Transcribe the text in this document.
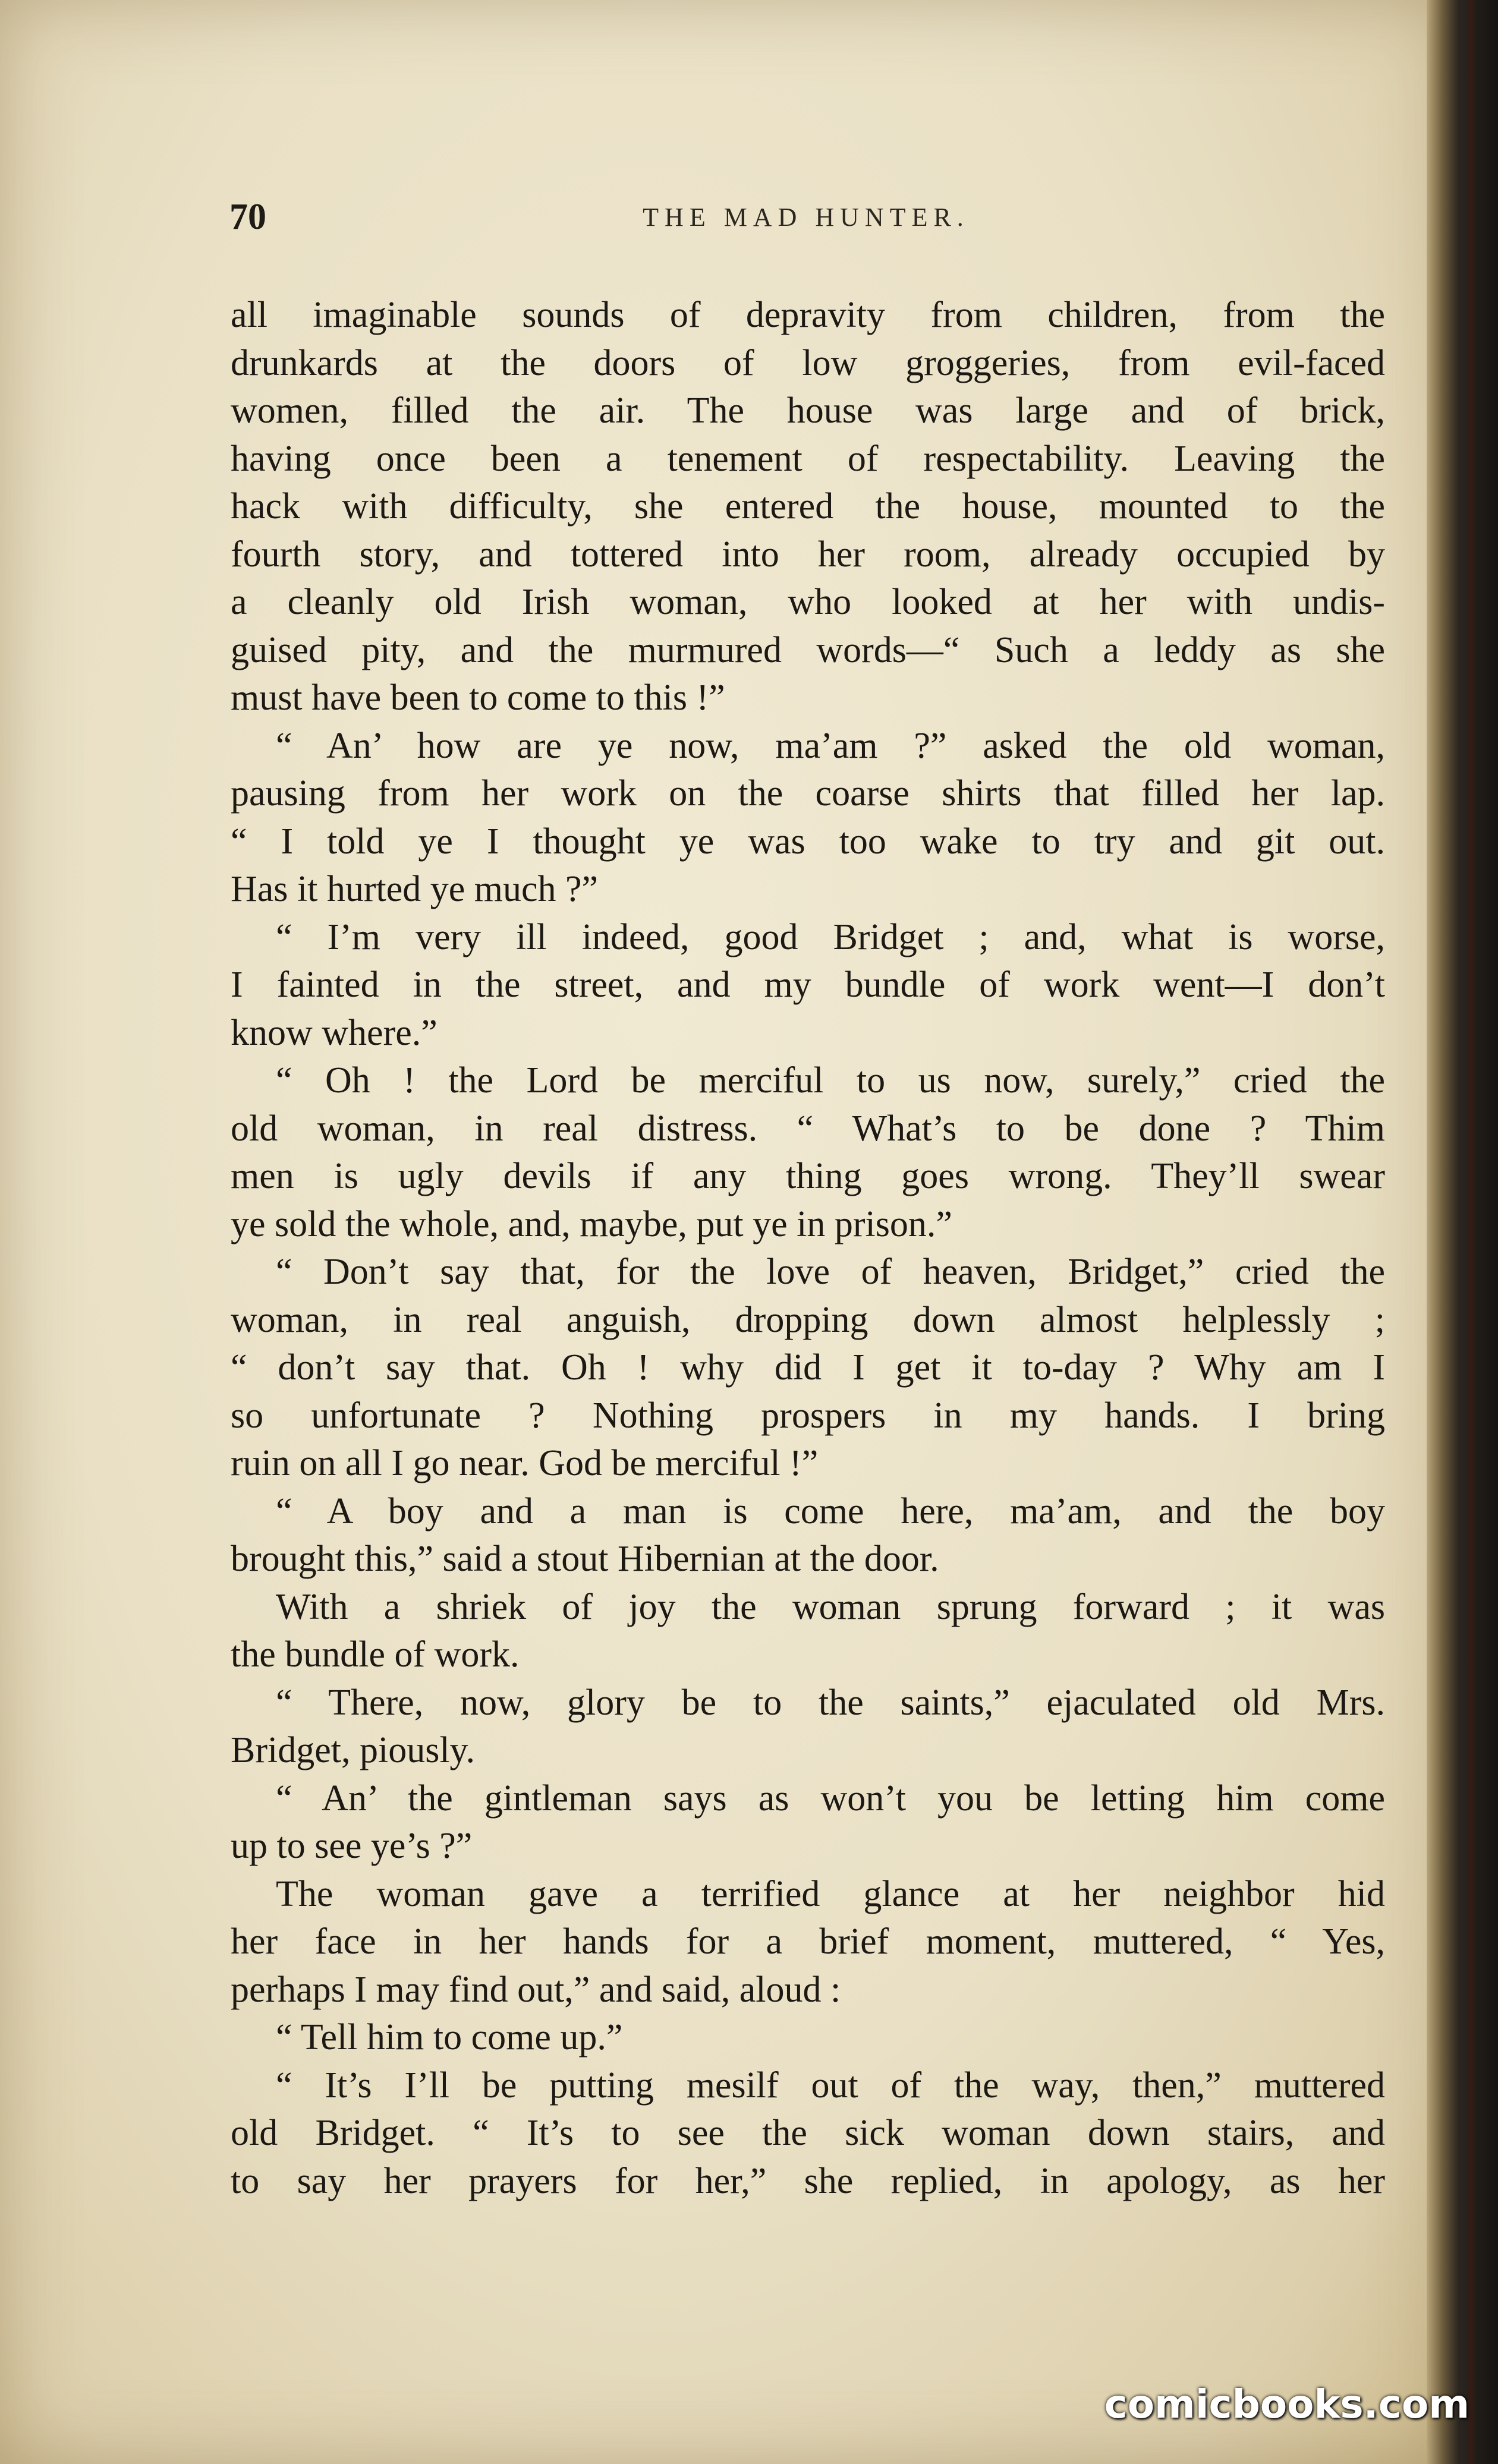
70	THE MAD HUNTER.
all imaginable sounds of depravity from children, from the
drunkards at the doors of low groggeries, from evil-faced
women, filled the air. The house was large and of brick,
having once been a tenement of respectability. Leaving the
hack with difficulty, she entered the house, mounted to the
fourth story, and tottered into her room, already occupied by
a cleanly old Irish woman, who looked at her with undis-
guised pity, and the murmured words—“ Such a leddy as she
must have been to come to this !”
“ An’ how are ye now, ma’am ?” asked the old woman,
pausing from her work on the coarse shirts that filled her lap.
“ I told ye I thought ye was too wake to try and git out.
Has it hurted ye much ?”
“ I’m very ill indeed, good Bridget ; and, what is worse,
I fainted in the street, and my bundle of work went—I don’t
know where.”
“ Oh ! the Lord be merciful to us now, surely,” cried the
old woman, in real distress. “ What’s to be done ? Thim
men is ugly devils if any thing goes wrong. They’ll swear
ye sold the whole, and, maybe, put ye in prison.”
“ Don’t say that, for the love of heaven, Bridget,” cried the
woman, in real anguish, dropping down almost helplessly ;
“ don’t say that. Oh ! why did I get it to-day ? Why am I
so unfortunate ? Nothing prospers in my hands. I bring
ruin on all I go near. God be merciful !”
“ A boy and a man is come here, ma’am, and the boy
brought this,” said a stout Hibernian at the door.
With a shriek of joy the woman sprung forward ; it was
the bundle of work.
“ There, now, glory be to the saints,” ejaculated old Mrs.
Bridget, piously.
“ An’ the gintleman says as won’t you be letting him come
up to see ye’s ?”
The woman gave a terrified glance at her neighbor hid
her face in her hands for a brief moment, muttered, “ Yes,
perhaps I may find out,” and said, aloud :
“ Tell him to come up.”
“ It’s I’ll be putting mesilf out of the way, then,” muttered
old Bridget. “ It’s to see the sick woman down stairs, and
to say her prayers for her,” she replied, in apology, as her
comicbooks.com
